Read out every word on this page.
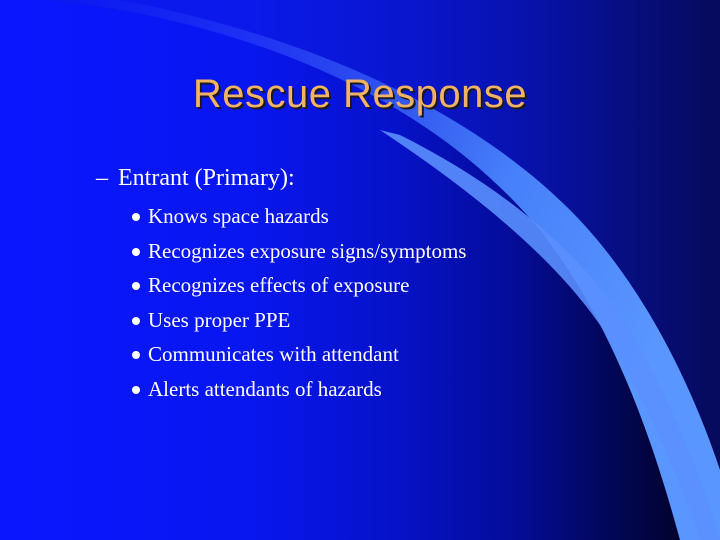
Rescue Response
– Entrant (Primary):
Knows space hazards
Recognizes exposure signs/symptoms
Recognizes effects of exposure
Uses proper PPE
Communicates with attendant
Alerts attendants of hazards
